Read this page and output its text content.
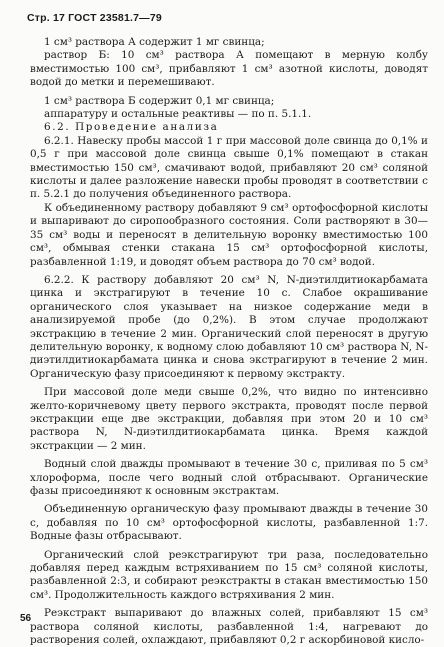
Стр. 17 ГОСТ 23581.7—79

1 см³ раствора А содержит 1 мг свинца;

раствор Б: 10 см³ раствора А помещают в мерную колбу вместимостью 100 см³, прибавляют 1 см³ азотной кислоты, доводят водой до метки и перемешивают.

1 см³ раствора Б содержит 0,1 мг свинца;

аппаратуру и остальные реактивы — по п. 5.1.1.

6.2. Проведение анализа

6.2.1. Навеску пробы массой 1 г при массовой доле свинца до 0,1% и 0,5 г при массовой доле свинца свыше 0,1% помещают в стакан вместимостью 150 см³, смачивают водой, прибавляют 20 см³ соляной кислоты и далее разложение навески пробы проводят в соответствии с п. 5.2.1 до получения объединенного раствора.

К объединенному раствору добавляют 9 см³ ортофосфорной кислоты и выпаривают до сиропообразного состояния. Соли растворяют в 30—35 см³ воды и переносят в делительную воронку вместимостью 100 см³, обмывая стенки стакана 15 см³ ортофосфорной кислоты, разбавленной 1:19, и доводят объем раствора до 70 см³ водой.

6.2.2. К раствору добавляют 20 см³ N, N-диэтилдитиокарбамата цинка и экстрагируют в течение 10 с. Слабое окрашивание органического слоя указывает на низкое содержание меди в анализируемой пробе (до 0,2%). В этом случае продолжают экстракцию в течение 2 мин. Органический слой переносят в другую делительную воронку, к водному слою добавляют 10 см³ раствора N, N-диэтилдитиокарбамата цинка и снова экстрагируют в течение 2 мин. Органическую фазу присоединяют к первому экстракту.

При массовой доле меди свыше 0,2%, что видно по интенсивно желто-коричневому цвету первого экстракта, проводят после первой экстракции еще две экстракции, добавляя при этом 20 и 10 см³ раствора N, N-диэтилдитиокарбамата цинка. Время каждой экстракции — 2 мин.

Водный слой дважды промывают в течение 30 с, приливая по 5 см³ хлороформа, после чего водный слой отбрасывают. Органические фазы присоединяют к основным экстрактам.

Объединенную органическую фазу промывают дважды в течение 30 с, добавляя по 10 см³ ортофосфорной кислоты, разбавленной 1:7. Водные фазы отбрасывают.

Органический слой реэкстрагируют три раза, последовательно добавляя перед каждым встряхиванием по 15 см³ соляной кислоты, разбавленной 2:3, и собирают реэкстракты в стакан вместимостью 150 см³. Продолжительность каждого встряхивания 2 мин.

Реэкстракт выпаривают до влажных солей, прибавляют 15 см³ раствора соляной кислоты, разбавленной 1:4, нагревают до растворения солей, охлаждают, прибавляют 0,2 г аскорбиновой кисло-

56
